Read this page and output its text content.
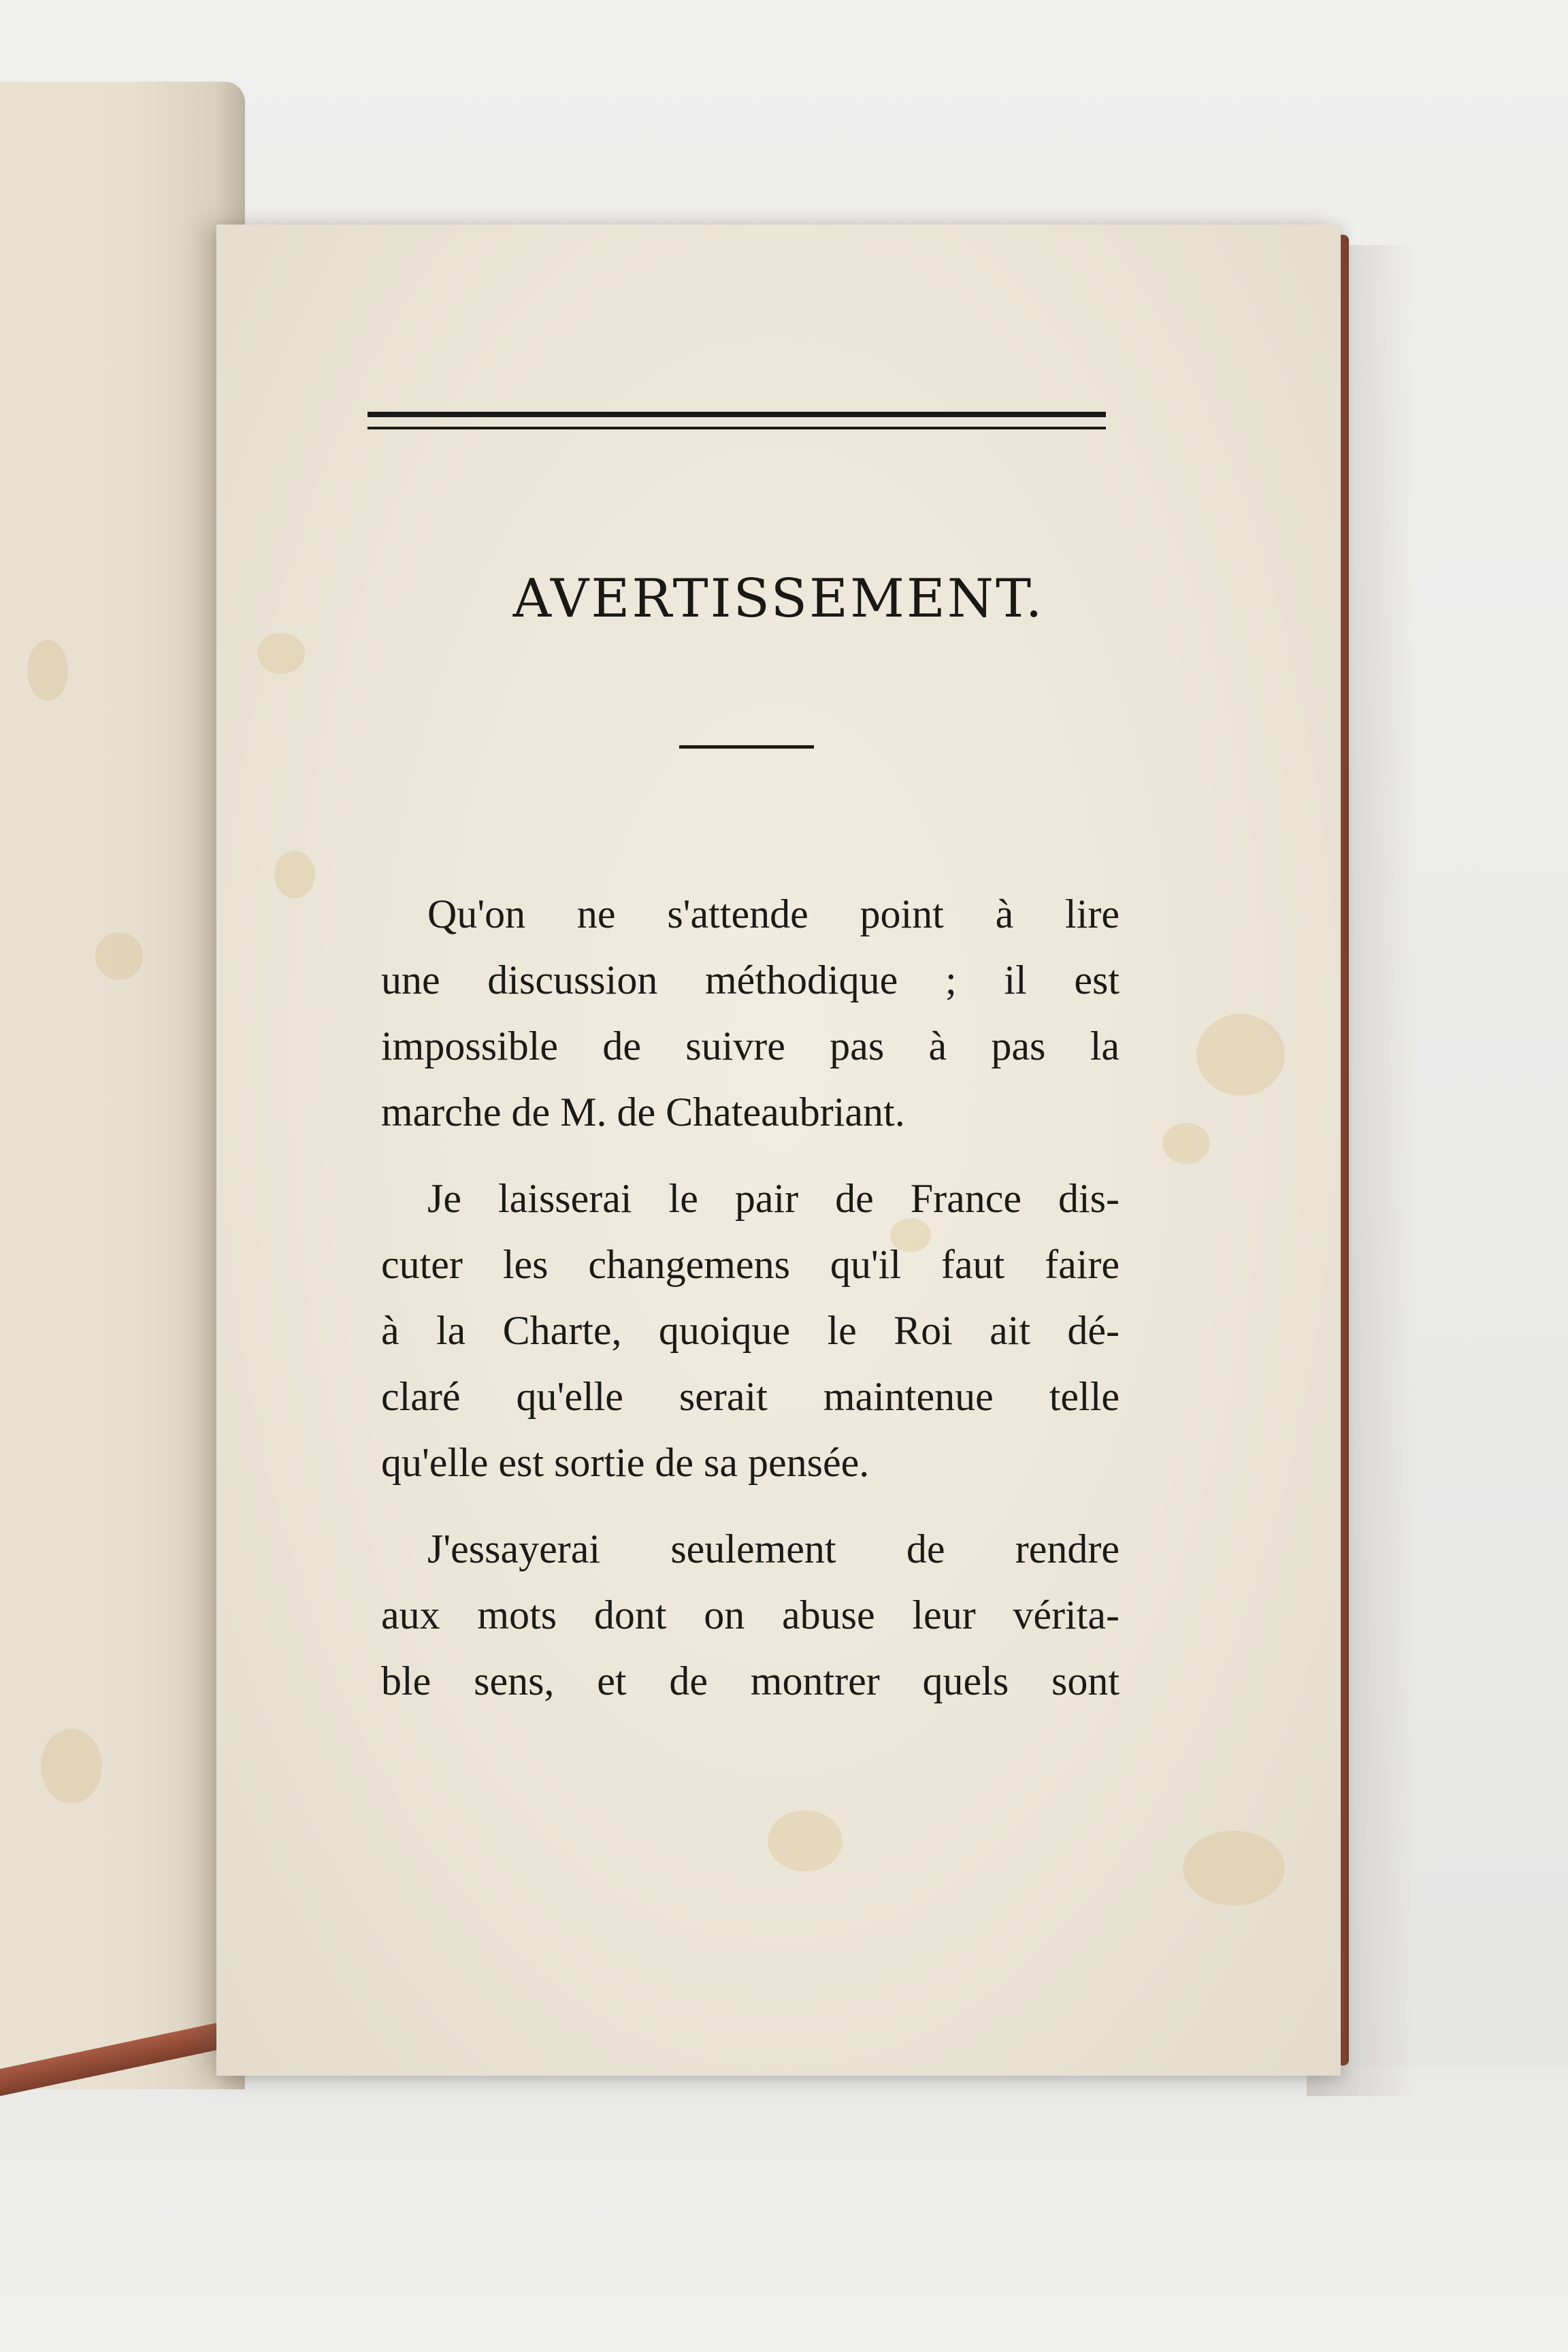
AVERTISSEMENT.
Qu'on ne s'attende point à lire
une discussion méthodique ; il est
impossible de suivre pas à pas la
marche de M. de Chateaubriant.
Je laisserai le pair de France dis-
cuter les changemens qu'il faut faire
à la Charte, quoique le Roi ait dé-
claré qu'elle serait maintenue telle
qu'elle est sortie de sa pensée.
J'essayerai seulement de rendre
aux mots dont on abuse leur vérita-
ble sens, et de montrer quels sont
